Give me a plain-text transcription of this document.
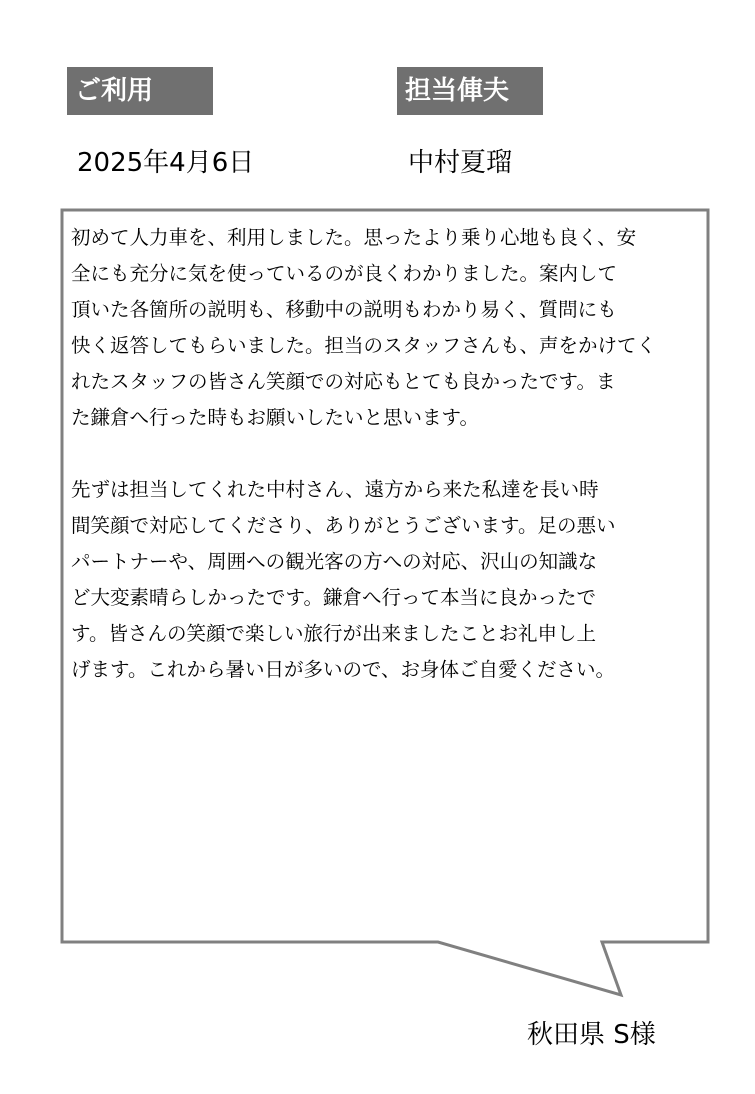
ご利用	担当俥夫
2025年4月6日	中村夏瑠
初めて人力車を、利用しました。思ったより乗り心地も良く、安
全にも充分に気を使っているのが良くわかりました。案内して
頂いた各箇所の説明も、移動中の説明もわかり易く、質問にも
快く返答してもらいました。担当のスタッフさんも、声をかけてく
れたスタッフの皆さん笑顔での対応もとても良かったです。ま
た鎌倉へ行った時もお願いしたいと思います。
先ずは担当してくれた中村さん、遠方から来た私達を長い時
間笑顔で対応してくださり、ありがとうございます。足の悪い
パートナーや、周囲への観光客の方への対応、沢山の知識な
ど大変素晴らしかったです。鎌倉へ行って本当に良かったで
す。皆さんの笑顔で楽しい旅行が出来ましたことお礼申し上
げます。これから暑い日が多いので、お身体ご自愛ください。
秋田県 S様
